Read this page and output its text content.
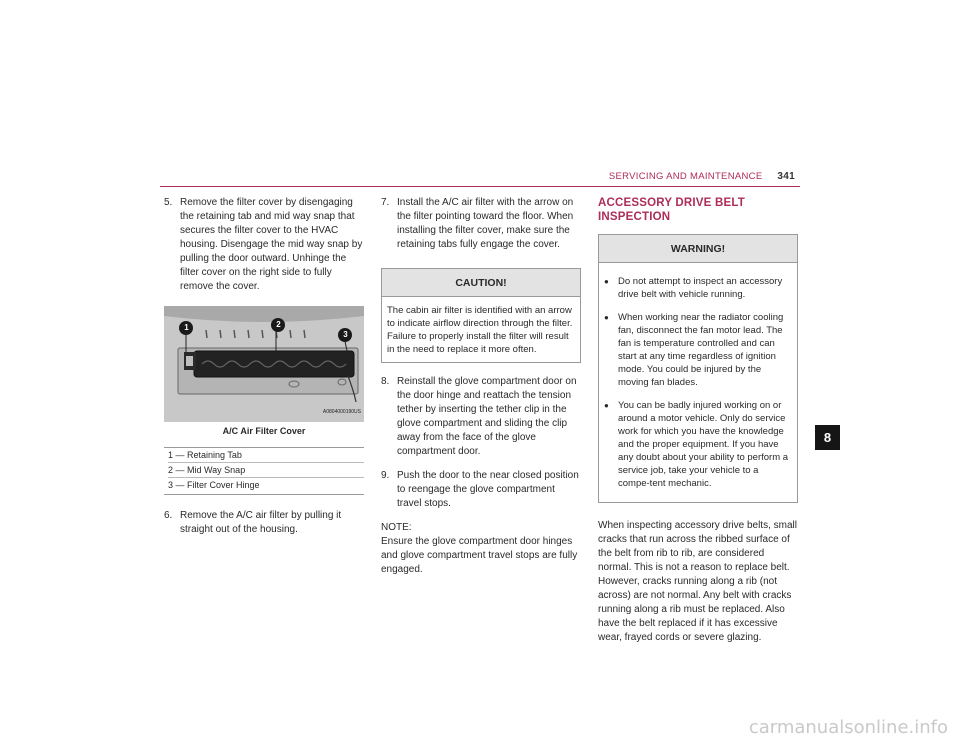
SERVICING AND MAINTENANCE 341
5. Remove the filter cover by disengaging the retaining tab and mid way snap that secures the filter cover to the HVAC housing. Disengage the mid way snap by pulling the door outward. Unhinge the filter cover on the right side to fully remove the cover.
1	2
3
A0804000190US
A/C Air Filter Cover
1 — Retaining Tab
2 — Mid Way Snap
3 — Filter Cover Hinge
6. Remove the A/C air filter by pulling it straight out of the housing.
7. Install the A/C air filter with the arrow on the filter pointing toward the floor. When installing the filter cover, make sure the retaining tabs fully engage the cover.
CAUTION!
The cabin air filter is identified with an arrow to indicate airflow direction through the filter. Failure to properly install the filter will result in the need to replace it more often.
8. Reinstall the glove compartment door on the door hinge and reattach the tension tether by inserting the tether clip in the glove compartment and sliding the clip away from the face of the glove compartment door.
9. Push the door to the near closed position to reengage the glove compartment travel stops.
NOTE:
Ensure the glove compartment door hinges and glove compartment travel stops are fully engaged.
ACCESSORY DRIVE BELT INSPECTION
WARNING!
● Do not attempt to inspect an accessory drive belt with vehicle running.
● When working near the radiator cooling fan, disconnect the fan motor lead. The fan is temperature controlled and can start at any time regardless of ignition mode. You could be injured by the moving fan blades.
● You can be badly injured working on or around a motor vehicle. Only do service work for which you have the knowledge and the proper equipment. If you have any doubt about your ability to perform a service job, take your vehicle to a compe-tent mechanic.
When inspecting accessory drive belts, small cracks that run across the ribbed surface of the belt from rib to rib, are considered normal. This is not a reason to replace belt. However, cracks running along a rib (not across) are not normal. Any belt with cracks running along a rib must be replaced. Also have the belt replaced if it has excessive wear, frayed cords or severe glazing.
8
carmanualsonline.info
